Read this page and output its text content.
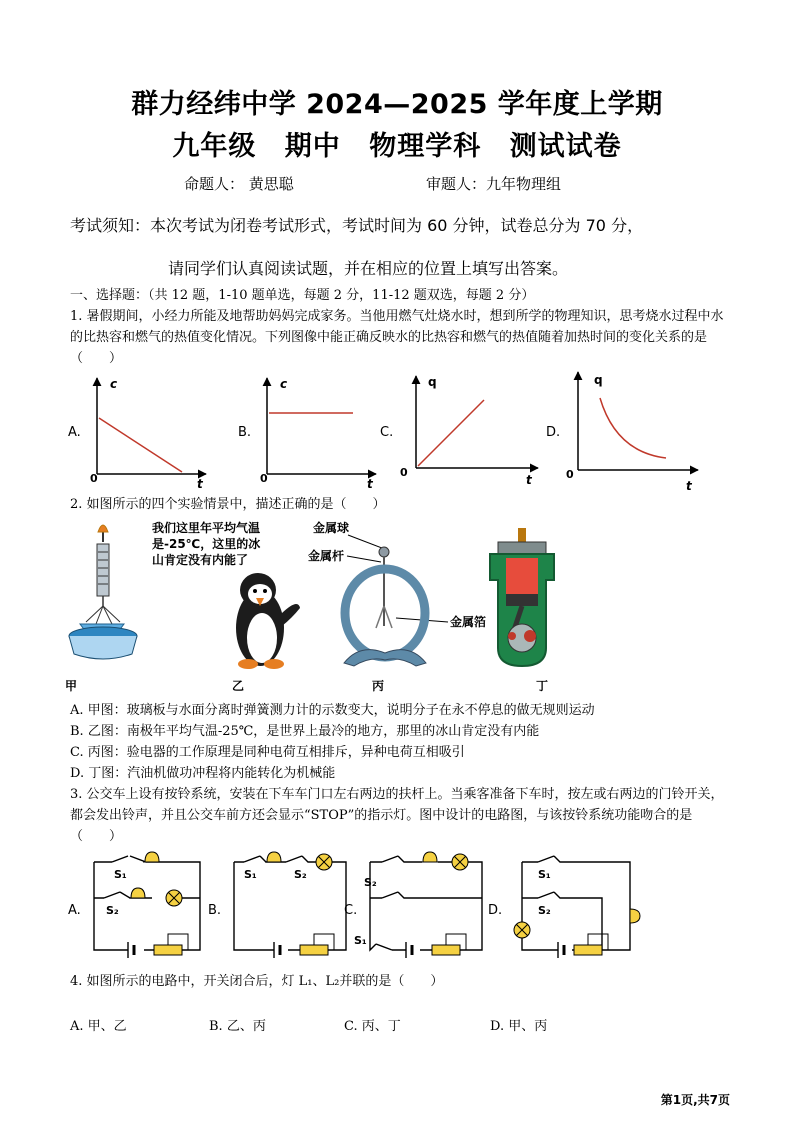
群力经纬中学 2024—2025 学年度上学期
九年级 期中 物理学科 测试试卷
命题人： 黄思聪	审题人：九年物理组
考试须知：本次考试为闭卷考试形式，考试时间为 60 分钟，试卷总分为 70 分，
请同学们认真阅读试题，并在相应的位置上填写出答案。
一、选择题：（共 12 题，1-10 题单选，每题 2 分，11-12 题双选，每题 2 分）
1. 暑假期间，小经力所能及地帮助妈妈完成家务。当他用燃气灶烧水时，想到所学的物理知识，思考烧水过程中水的比热容和燃气的热值变化情况。下列图像中能正确反映水的比热容和燃气的热值随着加热时间的变化关系的是（　　）
A.
c
t
0
B.
c
t
0
C.
q
t
0
D.
q
t
0
2. 如图所示的四个实验情景中，描述正确的是（　　）
甲
我们这里年平均气温
是-25℃，这里的冰
山肯定没有内能了
乙
金属球
金属杆
金属箔
丙	丁
A. 甲图：玻璃板与水面分离时弹簧测力计的示数变大，说明分子在永不停息的做无规则运动
B. 乙图：南极年平均气温-25℃，是世界上最冷的地方，那里的冰山肯定没有内能
C. 丙图：验电器的工作原理是同种电荷互相排斥，异种电荷互相吸引
D. 丁图：汽油机做功冲程将内能转化为机械能
3. 公交车上设有按铃系统，安装在下车车门口左右两边的扶杆上。当乘客准备下车时，按左或右两边的门铃开关，都会发出铃声，并且公交车前方还会显示“STOP”的指示灯。图中设计的电路图，与该按铃系统功能吻合的是（　　）
A.
S₁
S₂	B.
S₁	S₂
C.
S₂
S₁
D.
S₁
S₂
4. 如图所示的电路中，开关闭合后，灯 L₁、L₂并联的是（　　）
A. 甲、乙	B. 乙、丙	C. 丙、丁	D. 甲、丙
第1页,共7页
